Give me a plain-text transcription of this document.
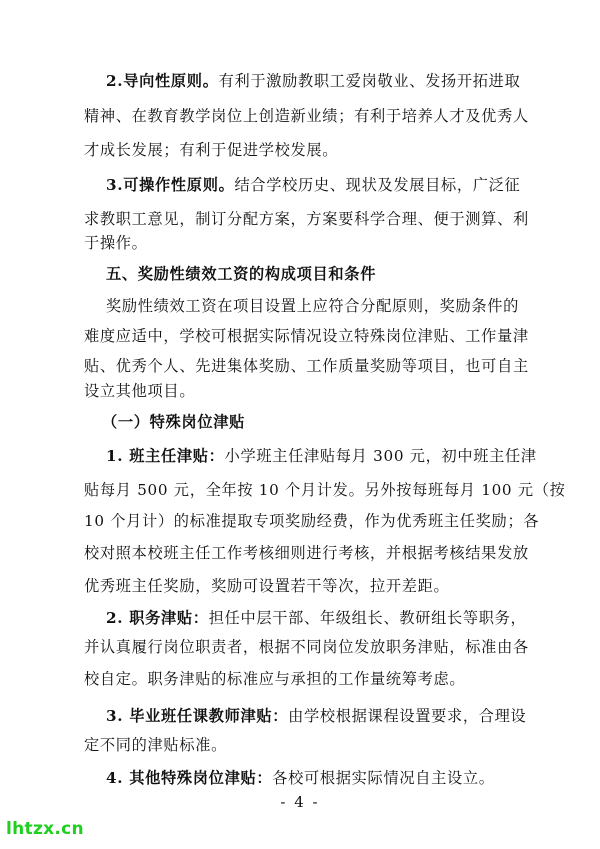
2.导向性原则。有利于激励教职工爱岗敬业、发扬开拓进取
精神、在教育教学岗位上创造新业绩；有利于培养人才及优秀人
才成长发展；有利于促进学校发展。
3.可操作性原则。结合学校历史、现状及发展目标，广泛征
求教职工意见，制订分配方案，方案要科学合理、便于测算、利
于操作。
五、奖励性绩效工资的构成项目和条件
奖励性绩效工资在项目设置上应符合分配原则，奖励条件的
难度应适中，学校可根据实际情况设立特殊岗位津贴、工作量津
贴、优秀个人、先进集体奖励、工作质量奖励等项目，也可自主
设立其他项目。
（一）特殊岗位津贴
1. 班主任津贴：小学班主任津贴每月 300 元，初中班主任津
贴每月 500 元，全年按 10 个月计发。另外按每班每月 100 元（按
10 个月计）的标准提取专项奖励经费，作为优秀班主任奖励；各
校对照本校班主任工作考核细则进行考核，并根据考核结果发放
优秀班主任奖励，奖励可设置若干等次，拉开差距。
2. 职务津贴：担任中层干部、年级组长、教研组长等职务，
并认真履行岗位职责者，根据不同岗位发放职务津贴，标准由各
校自定。职务津贴的标准应与承担的工作量统筹考虑。
3. 毕业班任课教师津贴：由学校根据课程设置要求，合理设
定不同的津贴标准。
4. 其他特殊岗位津贴：各校可根据实际情况自主设立。
- 4 -
lhtzx.cn
